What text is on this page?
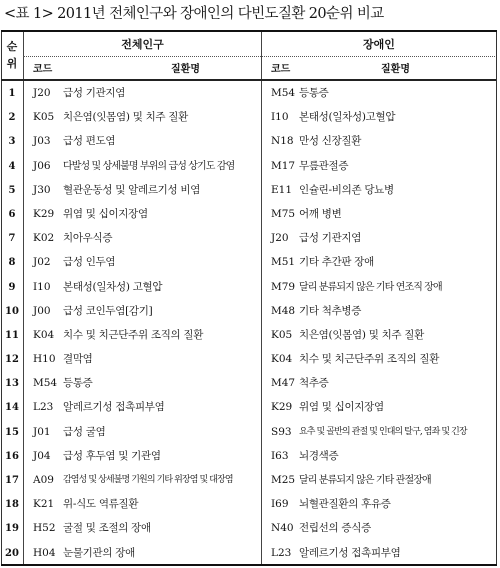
<표 1> 2011년 전체인구와 장애인의 다빈도질환 20순위 비교
순위
전체인구	장애인
코드	질환명	코드	질환명
1	J20	급성 기관지염	M54 등통증
2	K05 치은염(잇몸염) 및 치주 질환	I10 본태성(일차성)고혈압
3	J03	급성 편도염	N18 만성 신장질환
4	J06	다발성 및 상세불명 부위의 급성 상기도 감염	M17 무릎관절증
5	J30	혈관운동성 및 알레르기성 비염	E11 인슐린-비의존 당뇨병
6	K29 위염 및 십이지장염	M75 어깨 병변
7	K02 치아우식증	J20 급성 기관지염
8	J02	급성 인두염	M51 기타 추간판 장애
9	I10	본태성(일차성) 고혈압	M79 달리 분류되지 않은 기타 연조직 장애
10	J00	급성 코인두염[감기]	M48 기타 척추병증
11	K04 치수 및 치근단주위 조직의 질환	K05 치은염(잇몸염) 및 치주 질환
12	H10 결막염	K04 치수 및 치근단주위 조직의 질환
13	M54 등통증	M47 척추증
14	L23 알레르기성 접촉피부염	K29 위염 및 십이지장염
15	J01	급성 굴염	S93 요추 및 골반의 관절 및 인대의 탈구, 염좌 및 긴장
16	J04	급성 후두염 및 기관염	I63 뇌경색증
17	A09	감염성 및 상세불명 기원의 기타 위장염 및 대장염	M25 달리 분류되지 않은 기타 관절장애
18	K21 위-식도 역류질환	I69 뇌혈관질환의 후유증
19	H52 굴절 및 조절의 장애	N40 전립선의 증식증
20	H04 눈물기관의 장애	L23 알레르기성 접촉피부염
